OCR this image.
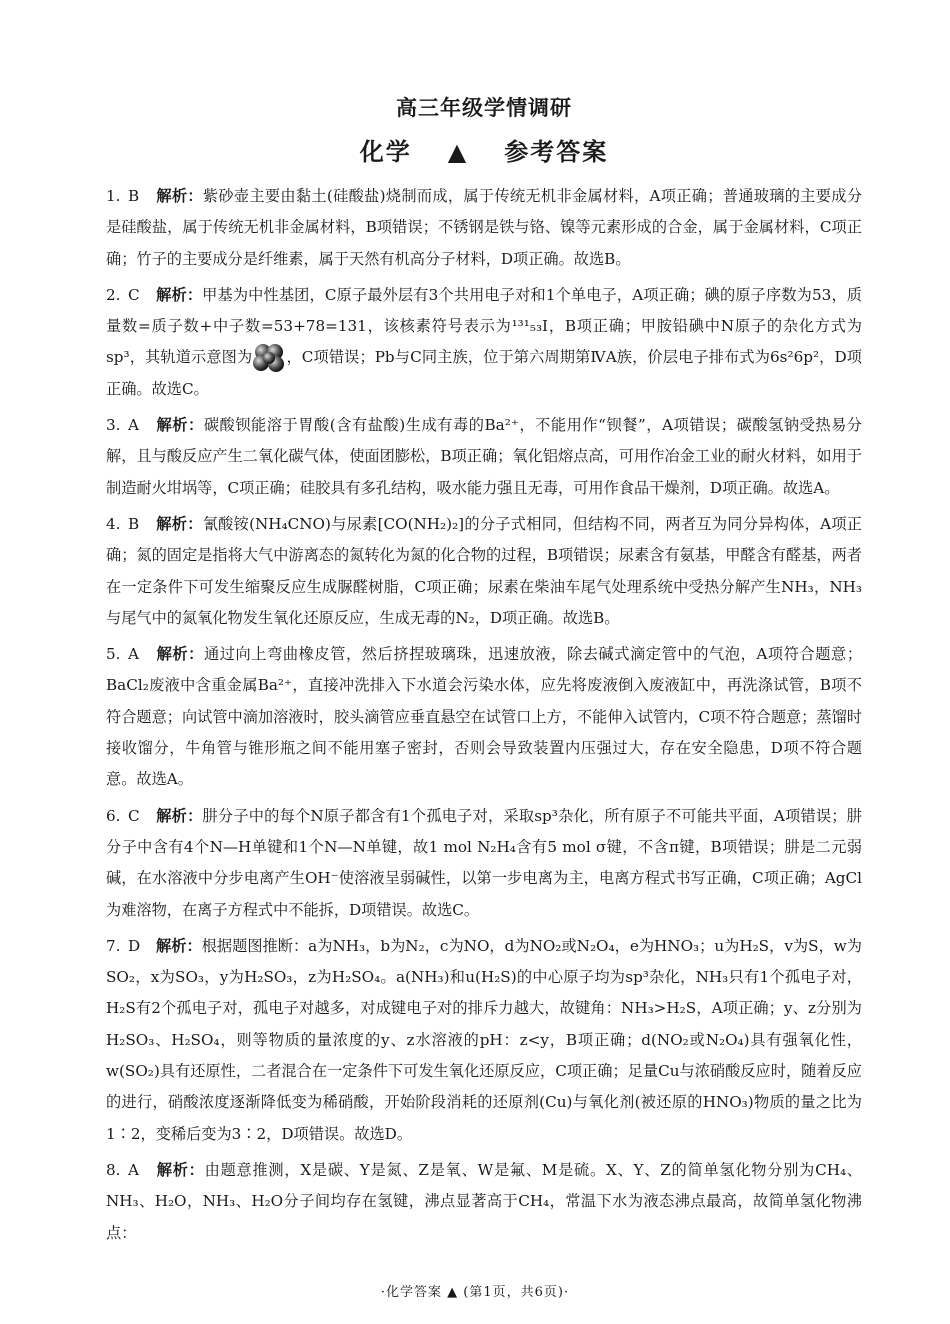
高三年级学情调研
化学 ▲ 参考答案

1. B 解析：紫砂壶主要由黏土(硅酸盐)烧制而成，属于传统无机非金属材料，A项正确；普通玻璃的主要成分是硅酸盐，属于传统无机非金属材料，B项错误；不锈钢是铁与铬、镍等元素形成的合金，属于金属材料，C项正确；竹子的主要成分是纤维素，属于天然有机高分子材料，D项正确。故选B。

2. C 解析：甲基为中性基团，C原子最外层有3个共用电子对和1个单电子，A项正确；碘的原子序数为53，质量数=质子数+中子数=53+78=131，该核素符号表示为¹³¹₅₃I，B项正确；甲胺铅碘中N原子的杂化方式为sp³，其轨道示意图为 ，C项错误；Pb与C同主族，位于第六周期第ⅣA族，价层电子排布式为6s²6p²，D项正确。故选C。

3. A 解析：碳酸钡能溶于胃酸(含有盐酸)生成有毒的Ba²⁺，不能用作“钡餐”，A项错误；碳酸氢钠受热易分解，且与酸反应产生二氧化碳气体，使面团膨松，B项正确；氧化铝熔点高，可用作冶金工业的耐火材料，如用于制造耐火坩埚等，C项正确；硅胶具有多孔结构，吸水能力强且无毒，可用作食品干燥剂，D项正确。故选A。

4. B 解析：氰酸铵(NH₄CNO)与尿素[CO(NH₂)₂]的分子式相同，但结构不同，两者互为同分异构体，A项正确；氮的固定是指将大气中游离态的氮转化为氮的化合物的过程，B项错误；尿素含有氨基，甲醛含有醛基，两者在一定条件下可发生缩聚反应生成脲醛树脂，C项正确；尿素在柴油车尾气处理系统中受热分解产生NH₃，NH₃与尾气中的氮氧化物发生氧化还原反应，生成无毒的N₂，D项正确。故选B。

5. A 解析：通过向上弯曲橡皮管，然后挤捏玻璃珠，迅速放液，除去碱式滴定管中的气泡，A项符合题意；BaCl₂废液中含重金属Ba²⁺，直接冲洗排入下水道会污染水体，应先将废液倒入废液缸中，再洗涤试管，B项不符合题意；向试管中滴加溶液时，胶头滴管应垂直悬空在试管口上方，不能伸入试管内，C项不符合题意；蒸馏时接收馏分，牛角管与锥形瓶之间不能用塞子密封，否则会导致装置内压强过大，存在安全隐患，D项不符合题意。故选A。

6. C 解析：肼分子中的每个N原子都含有1个孤电子对，采取sp³杂化，所有原子不可能共平面，A项错误；肼分子中含有4个N—H单键和1个N—N单键，故1 mol N₂H₄含有5 mol σ键，不含π键，B项错误；肼是二元弱碱，在水溶液中分步电离产生OH⁻使溶液呈弱碱性，以第一步电离为主，电离方程式书写正确，C项正确；AgCl为难溶物，在离子方程式中不能拆，D项错误。故选C。

7. D 解析：根据题图推断：a为NH₃，b为N₂，c为NO，d为NO₂或N₂O₄，e为HNO₃；u为H₂S，v为S，w为SO₂，x为SO₃，y为H₂SO₃，z为H₂SO₄。a(NH₃)和u(H₂S)的中心原子均为sp³杂化，NH₃只有1个孤电子对，H₂S有2个孤电子对，孤电子对越多，对成键电子对的排斥力越大，故键角：NH₃>H₂S，A项正确；y、z分别为H₂SO₃、H₂SO₄，则等物质的量浓度的y、z水溶液的pH：z<y，B项正确；d(NO₂或N₂O₄)具有强氧化性，w(SO₂)具有还原性，二者混合在一定条件下可发生氧化还原反应，C项正确；足量Cu与浓硝酸反应时，随着反应的进行，硝酸浓度逐渐降低变为稀硝酸，开始阶段消耗的还原剂(Cu)与氧化剂(被还原的HNO₃)物质的量之比为1∶2，变稀后变为3∶2，D项错误。故选D。

8. A 解析：由题意推测，X是碳、Y是氮、Z是氧、W是氟、M是硫。X、Y、Z的简单氢化物分别为CH₄、NH₃、H₂O，NH₃、H₂O分子间均存在氢键，沸点显著高于CH₄，常温下水为液态沸点最高，故简单氢化物沸点：

·化学答案 ▲ (第1页，共6页)·
